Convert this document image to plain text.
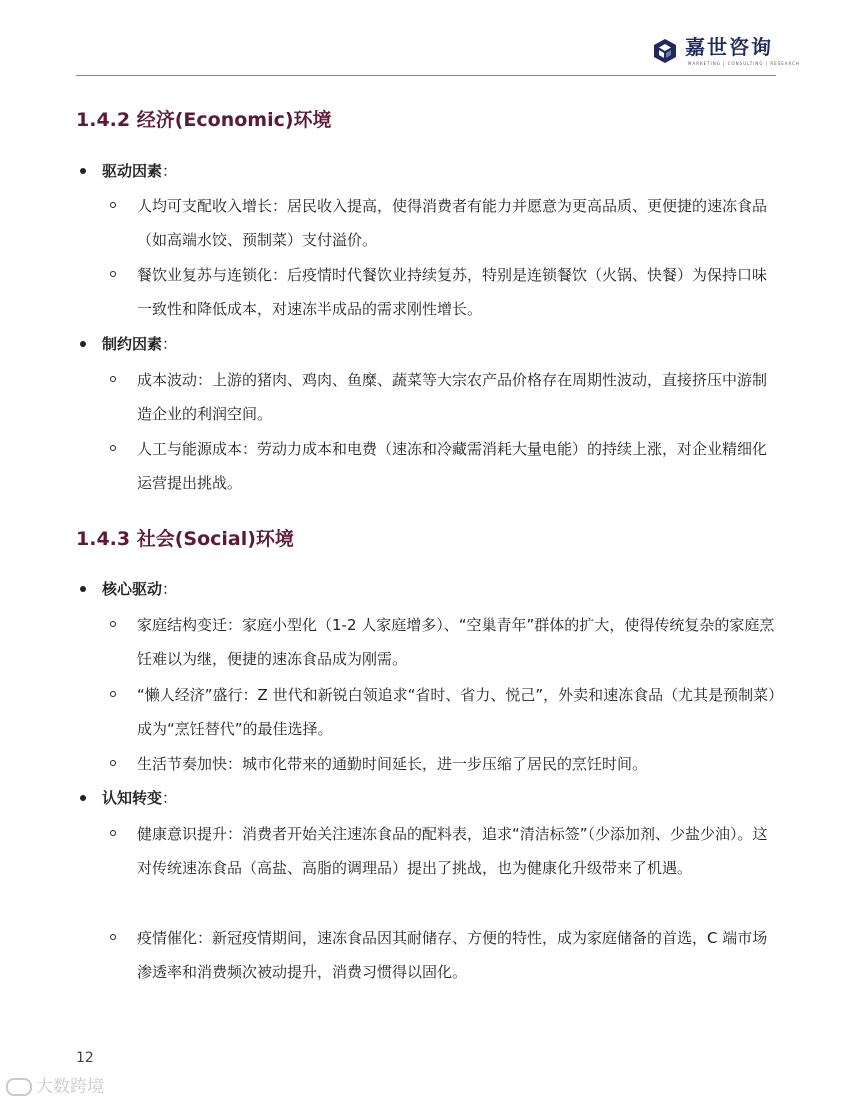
嘉世咨询
MARKETING | CONSULTING | RESEARCH
1.4.2 经济(Economic)环境
驱动因素：
人均可支配收入增长：居民收入提高，使得消费者有能力并愿意为更高品质、更便捷的速冻食品（如高端水饺、预制菜）支付溢价。
餐饮业复苏与连锁化：后疫情时代餐饮业持续复苏，特别是连锁餐饮（火锅、快餐）为保持口味一致性和降低成本，对速冻半成品的需求刚性增长。
制约因素：
成本波动：上游的猪肉、鸡肉、鱼糜、蔬菜等大宗农产品价格存在周期性波动，直接挤压中游制造企业的利润空间。
人工与能源成本：劳动力成本和电费（速冻和冷藏需消耗大量电能）的持续上涨，对企业精细化运营提出挑战。
1.4.3 社会(Social)环境
核心驱动：
家庭结构变迁：家庭小型化（1-2 人家庭增多）、“空巢青年”群体的扩大，使得传统复杂的家庭烹饪难以为继，便捷的速冻食品成为刚需。
“懒人经济”盛行：Z 世代和新锐白领追求“省时、省力、悦己”，外卖和速冻食品（尤其是预制菜）成为“烹饪替代”的最佳选择。
生活节奏加快：城市化带来的通勤时间延长，进一步压缩了居民的烹饪时间。
认知转变：
健康意识提升：消费者开始关注速冻食品的配料表，追求“清洁标签”（少添加剂、少盐少油）。这对传统速冻食品（高盐、高脂的调理品）提出了挑战，也为健康化升级带来了机遇。
疫情催化：新冠疫情期间，速冻食品因其耐储存、方便的特性，成为家庭储备的首选，C 端市场渗透率和消费频次被动提升，消费习惯得以固化。
12
大数跨境
